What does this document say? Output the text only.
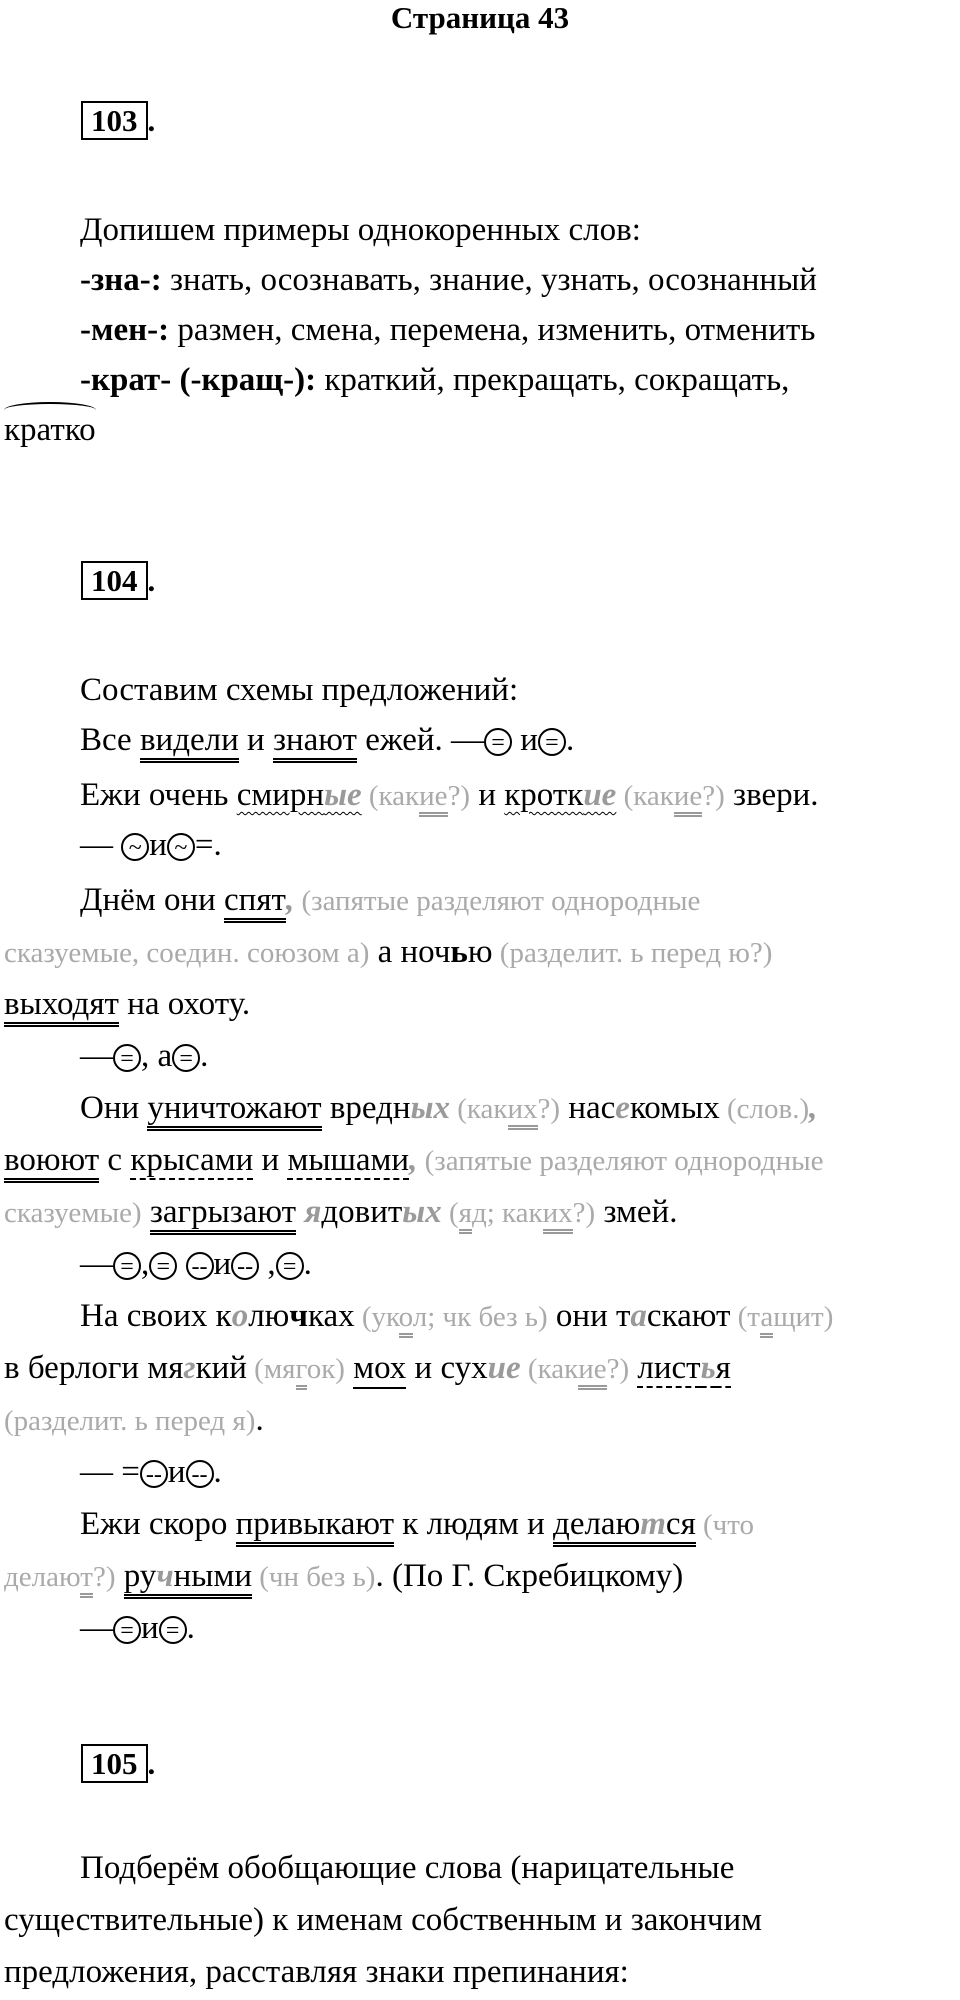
Страница 43
103 .
Допишем примеры однокоренных слов:
-зна-: знать, осознавать, знание, узнать, осознанный
-мен-: размен, смена, перемена, изменить, отменить
-крат- (-кращ-): краткий, прекращать, сокращать,
кратко
104 .
Составим схемы предложений:
Все видели и знают ежей. — = и = .
Ежи очень смирные (какие?) и кроткие (какие?) звери.
— ~ и ~ =.
Днём они спят, (запятые разделяют однородные
сказуемые, соедин. союзом а) а ночью (разделит. ь перед ю?)
выходят на охоту.
— = , а = .
Они уничтожают вредных (каких?) насекомых (слов.),
воюют с крысами и мышами, (запятые разделяют однородные
сказуемые) загрызают ядовитых (яд; каких?) змей.
— = , = -- и -- , = .
На своих колючках (укол; чк без ь) они таскают (тащит)
в берлоги мягкий (мягок) мох и сухие (какие?) листья
(разделит. ь перед я).
— = -- и -- .
Ежи скоро привыкают к людям и делаются (что
делают?) ручными (чн без ь). (По Г. Скребицкому)
— = и = .
105 .
Подберём обобщающие слова (нарицательные
существительные) к именам собственным и закончим
предложения, расставляя знаки препинания:
